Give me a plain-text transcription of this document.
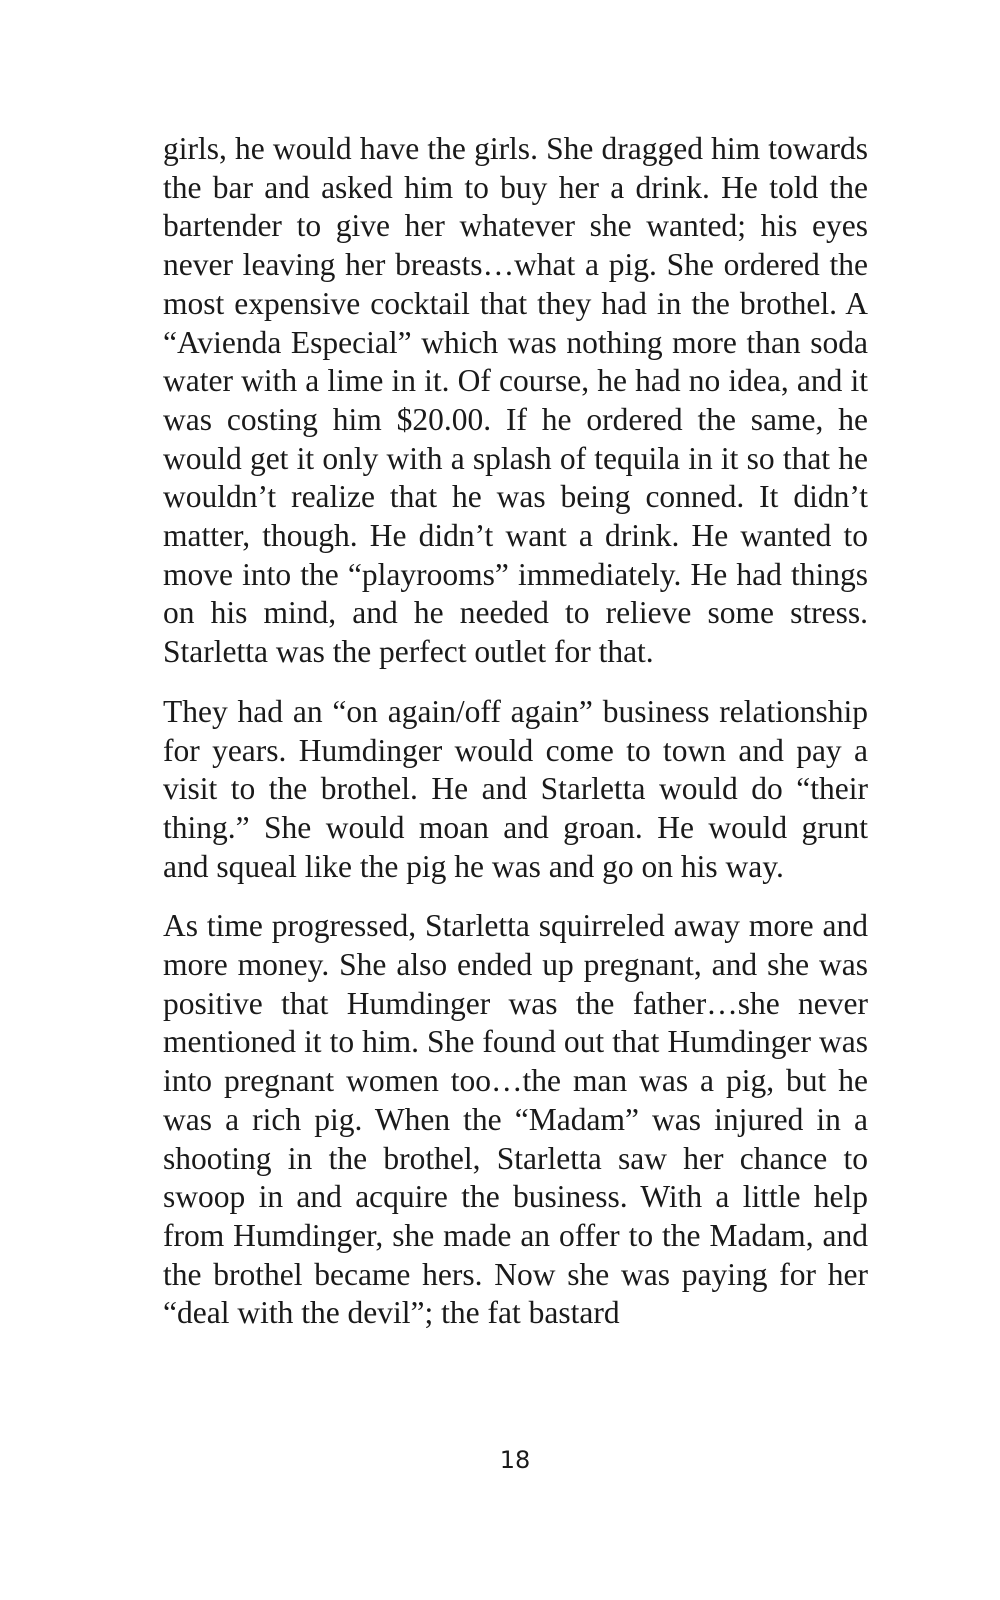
girls, he would have the girls. She dragged him towards the bar and asked him to buy her a drink. He told the bartender to give her whatever she wanted; his eyes never leaving her breasts…what a pig. She ordered the most expensive cocktail that they had in the brothel. A “Avienda Especial” which was nothing more than soda water with a lime in it. Of course, he had no idea, and it was costing him $20.00. If he ordered the same, he would get it only with a splash of tequila in it so that he wouldn’t realize that he was being conned. It didn’t matter, though. He didn’t want a drink. He wanted to move into the “playrooms” immediately. He had things on his mind, and he needed to relieve some stress. Starletta was the perfect outlet for that.

They had an “on again/off again” business relationship for years. Humdinger would come to town and pay a visit to the brothel. He and Starletta would do “their thing.” She would moan and groan. He would grunt and squeal like the pig he was and go on his way.

As time progressed, Starletta squirreled away more and more money. She also ended up pregnant, and she was positive that Humdinger was the father…she never mentioned it to him. She found out that Humdinger was into pregnant women too…the man was a pig, but he was a rich pig. When the “Madam” was injured in a shooting in the brothel, Starletta saw her chance to swoop in and acquire the business. With a little help from Humdinger, she made an offer to the Madam, and the brothel became hers. Now she was paying for her “deal with the devil”; the fat bastard

18
